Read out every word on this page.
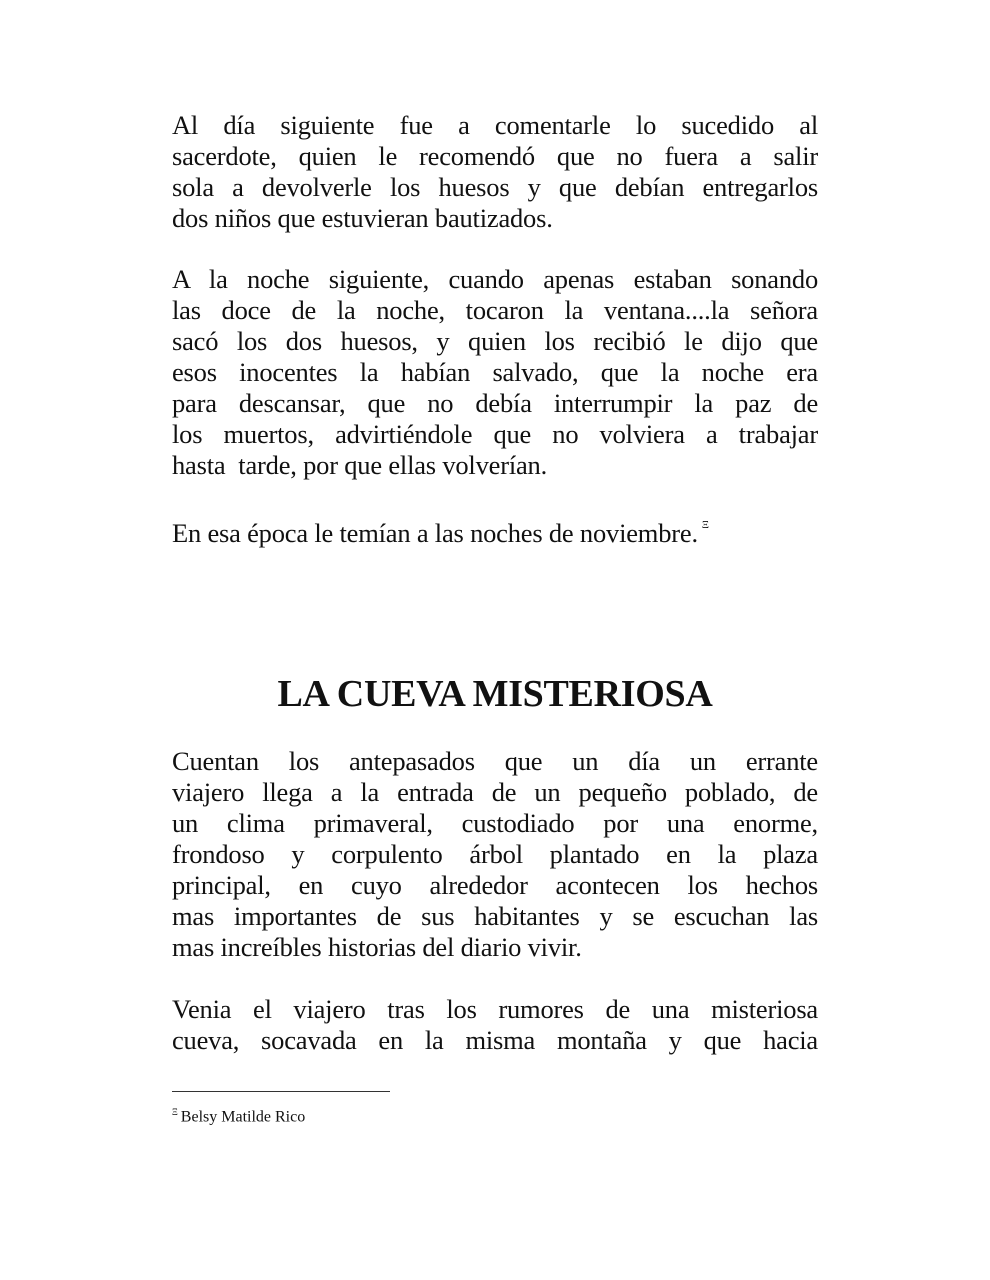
Al día siguiente fue a comentarle lo sucedido al
sacerdote, quien le recomendó que no fuera a salir
sola a devolverle los huesos y que debían entregarlos
dos niños que estuvieran bautizados.

A la noche siguiente, cuando apenas estaban sonando
las doce de la noche, tocaron la ventana....la señora
sacó los dos huesos, y quien los recibió le dijo que
esos inocentes la habían salvado, que la noche era
para descansar, que no debía interrumpir la paz de
los muertos, advirtiéndole que no volviera a trabajar
hasta  tarde, por que ellas volverían.

En esa época le temían a las noches de noviembre. $^\Xi$

LA CUEVA MISTERIOSA

Cuentan los antepasados que un día un errante
viajero llega a la entrada de un pequeño poblado, de
un clima primaveral, custodiado por una enorme,
frondoso y corpulento árbol plantado en la plaza
principal, en cuyo alrededor acontecen los hechos
mas importantes de sus habitantes y se escuchan las
mas increíbles historias del diario vivir.

Venia el viajero tras los rumores de una misteriosa
cueva, socavada en la misma montaña y que hacia

$^\Xi$ Belsy Matilde Rico
